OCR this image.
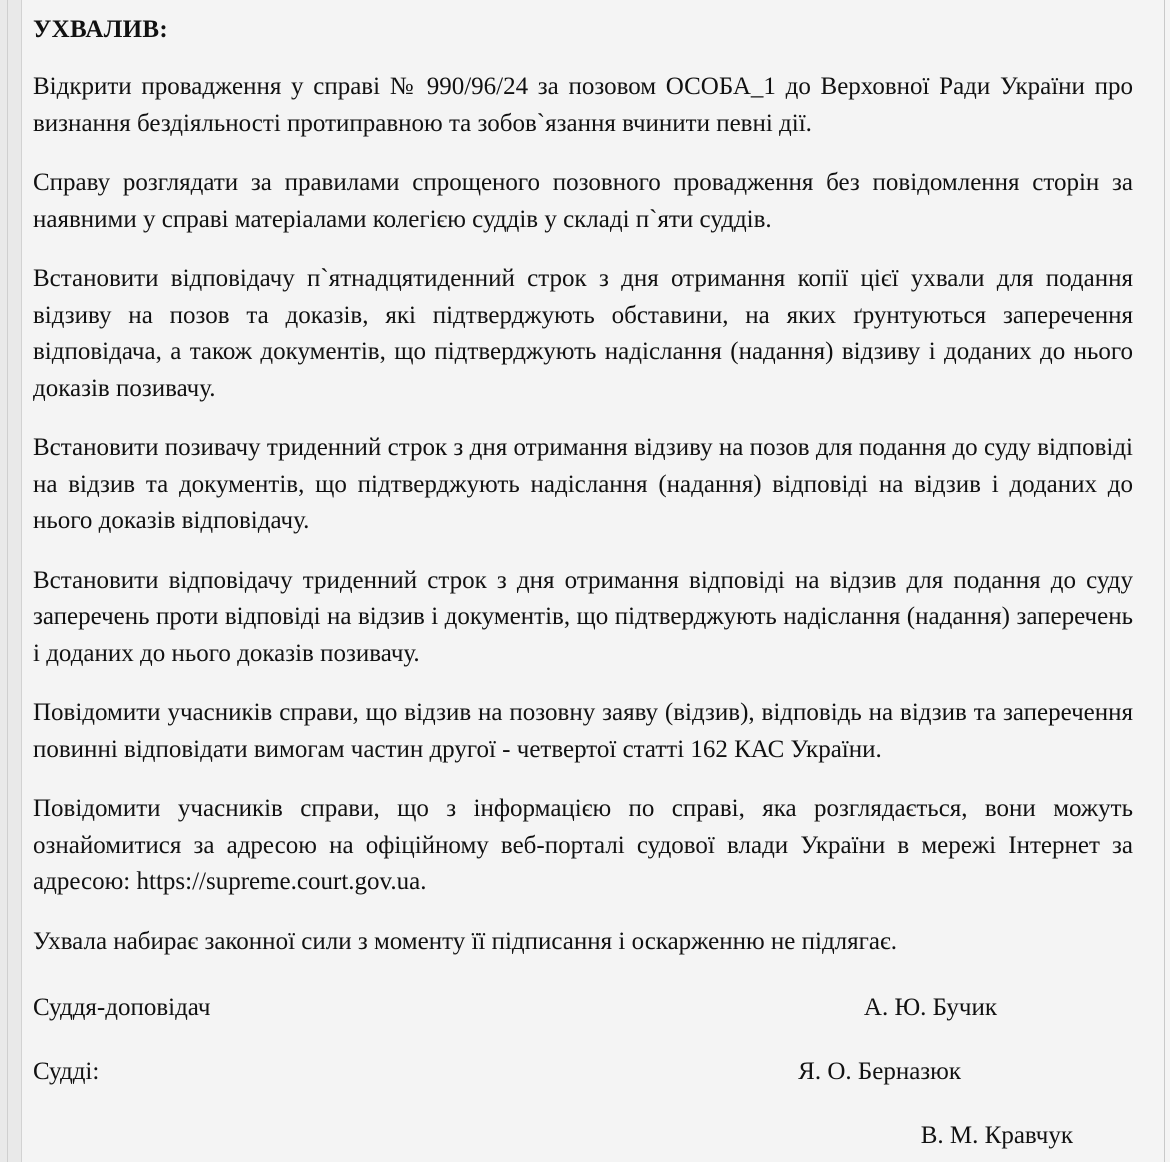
УХВАЛИВ:

Відкрити провадження у справі № 990/96/24 за позовом ОСОБА_1 до Верховної Ради України про визнання бездіяльності протиправною та зобов`язання вчинити певні дії.

Справу розглядати за правилами спрощеного позовного провадження без повідомлення сторін за наявними у справі матеріалами колегією суддів у складі п`яти суддів.

Встановити відповідачу п`ятнадцятиденний строк з дня отримання копії цієї ухвали для подання відзиву на позов та доказів, які підтверджують обставини, на яких ґрунтуються заперечення відповідача, а також документів, що підтверджують надіслання (надання) відзиву і доданих до нього доказів позивачу.

Встановити позивачу триденний строк з дня отримання відзиву на позов для подання до суду відповіді на відзив та документів, що підтверджують надіслання (надання) відповіді на відзив і доданих до нього доказів відповідачу.

Встановити відповідачу триденний строк з дня отримання відповіді на відзив для подання до суду заперечень проти відповіді на відзив і документів, що підтверджують надіслання (надання) заперечень і доданих до нього доказів позивачу.

Повідомити учасників справи, що відзив на позовну заяву (відзив), відповідь на відзив та заперечення повинні відповідати вимогам частин другої - четвертої статті 162 КАС України.

Повідомити учасників справи, що з інформацією по справі, яка розглядається, вони можуть ознайомитися за адресою на офіційному веб-порталі судової влади України в мережі Інтернет за адресою: https://supreme.court.gov.ua.

Ухвала набирає законної сили з моменту її підписання і оскарженню не підлягає.

Суддя-доповідач	А. Ю. Бучик
Судді:	Я. О. Берназюк
В. М. Кравчук
